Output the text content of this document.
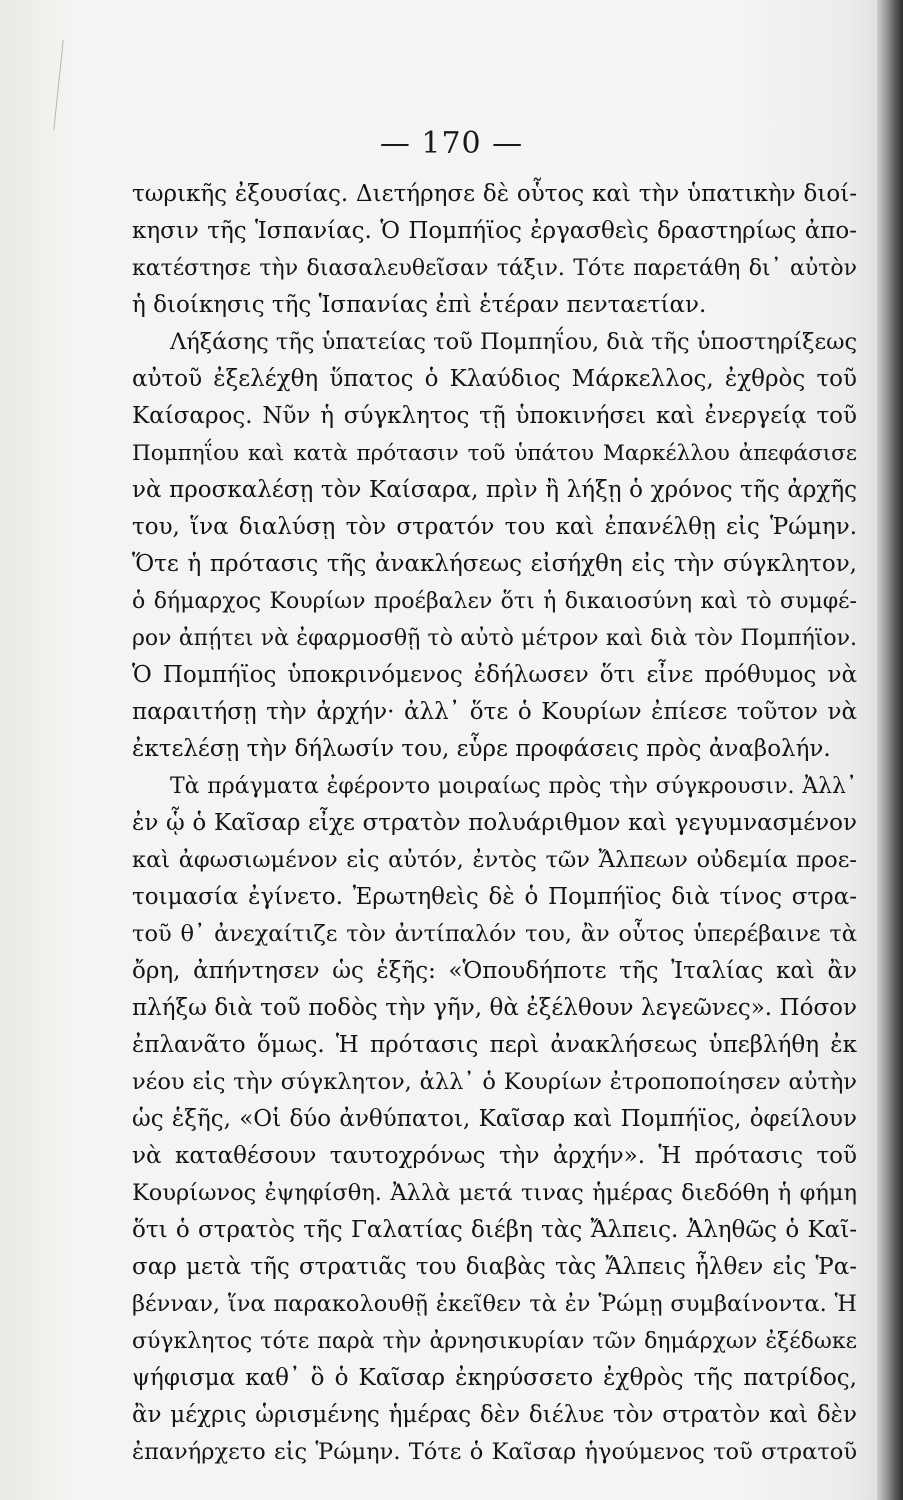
— 170 —
τωρικῆς ἐξουσίας. Διετήρησε δὲ οὗτος καὶ τὴν ὑπατικὴν διοί-
κησιν τῆς Ἱσπανίας. Ὁ Πομπήϊος ἐργασθεὶς δραστηρίως ἀπο-
κατέστησε τὴν διασαλευθεῖσαν τάξιν. Τότε παρετάθη δι᾽ αὐτὸν
ἡ διοίκησις τῆς Ἱσπανίας ἐπὶ ἑτέραν πενταετίαν.
Λήξάσης τῆς ὑπατείας τοῦ Πομπηΐου, διὰ τῆς ὑποστηρίξεως
αὐτοῦ ἐξελέχθη ὕπατος ὁ Κλαύδιος Μάρκελλος, ἐχθρὸς τοῦ
Καίσαρος. Νῦν ἡ σύγκλητος τῇ ὑποκινήσει καὶ ἐνεργείᾳ τοῦ
Πομπηΐου καὶ κατὰ πρότασιν τοῦ ὑπάτου Μαρκέλλου ἀπεφάσισε
νὰ προσκαλέσῃ τὸν Καίσαρα, πρὶν ἢ λήξῃ ὁ χρόνος τῆς ἀρχῆς
του, ἵνα διαλύσῃ τὸν στρατόν του καὶ ἐπανέλθῃ εἰς Ῥώμην.
Ὅτε ἡ πρότασις τῆς ἀνακλήσεως εἰσήχθη εἰς τὴν σύγκλητον,
ὁ δήμαρχος Κουρίων προέβαλεν ὅτι ἡ δικαιοσύνη καὶ τὸ συμφέ-
ρον ἀπῄτει νὰ ἐφαρμοσθῇ τὸ αὐτὸ μέτρον καὶ διὰ τὸν Πομπήϊον.
Ὁ Πομπήϊος ὑποκρινόμενος ἐδήλωσεν ὅτι εἶνε πρόθυμος νὰ
παραιτήσῃ τὴν ἀρχήν· ἀλλ᾽ ὅτε ὁ Κουρίων ἐπίεσε τοῦτον νὰ
ἐκτελέσῃ τὴν δήλωσίν του, εὗρε προφάσεις πρὸς ἀναβολήν.
Τὰ πράγματα ἐφέροντο μοιραίως πρὸς τὴν σύγκρουσιν. Ἀλλ᾽
ἐν ᾧ ὁ Καῖσαρ εἶχε στρατὸν πολυάριθμον καὶ γεγυμνασμένον
καὶ ἀφωσιωμένον εἰς αὐτόν, ἐντὸς τῶν Ἄλπεων οὐδεμία προε-
τοιμασία ἐγίνετο. Ἐρωτηθεὶς δὲ ὁ Πομπήϊος διὰ τίνος στρα-
τοῦ θ᾽ ἀνεχαίτιζε τὸν ἀντίπαλόν του, ἂν οὗτος ὑπερέβαινε τὰ
ὄρη, ἀπήντησεν ὡς ἑξῆς: «Ὁπουδήποτε τῆς Ἰταλίας καὶ ἂν
πλήξω διὰ τοῦ ποδὸς τὴν γῆν, θὰ ἐξέλθουν λεγεῶνες». Πόσον
ἐπλανᾶτο ὅμως. Ἡ πρότασις περὶ ἀνακλήσεως ὑπεβλήθη ἐκ
νέου εἰς τὴν σύγκλητον, ἀλλ᾽ ὁ Κουρίων ἐτροποποίησεν αὐτὴν
ὡς ἑξῆς, «Οἱ δύο ἀνθύπατοι, Καῖσαρ καὶ Πομπήϊος, ὀφείλουν
νὰ καταθέσουν ταυτοχρόνως τὴν ἀρχήν». Ἡ πρότασις τοῦ
Κουρίωνος ἐψηφίσθη. Ἀλλὰ μετά τινας ἡμέρας διεδόθη ἡ φήμη
ὅτι ὁ στρατὸς τῆς Γαλατίας διέβη τὰς Ἄλπεις. Ἀληθῶς ὁ Καῖ-
σαρ μετὰ τῆς στρατιᾶς του διαβὰς τὰς Ἄλπεις ἦλθεν εἰς Ῥα-
βένναν, ἵνα παρακολουθῇ ἐκεῖθεν τὰ ἐν Ῥώμῃ συμβαίνοντα. Ἡ
σύγκλητος τότε παρὰ τὴν ἀρνησικυρίαν τῶν δημάρχων ἐξέδωκε
ψήφισμα καθ᾽ ὃ ὁ Καῖσαρ ἐκηρύσσετο ἐχθρὸς τῆς πατρίδος,
ἂν μέχρις ὡρισμένης ἡμέρας δὲν διέλυε τὸν στρατὸν καὶ δὲν
ἐπανήρχετο εἰς Ῥώμην. Τότε ὁ Καῖσαρ ἡγούμενος τοῦ στρατοῦ
